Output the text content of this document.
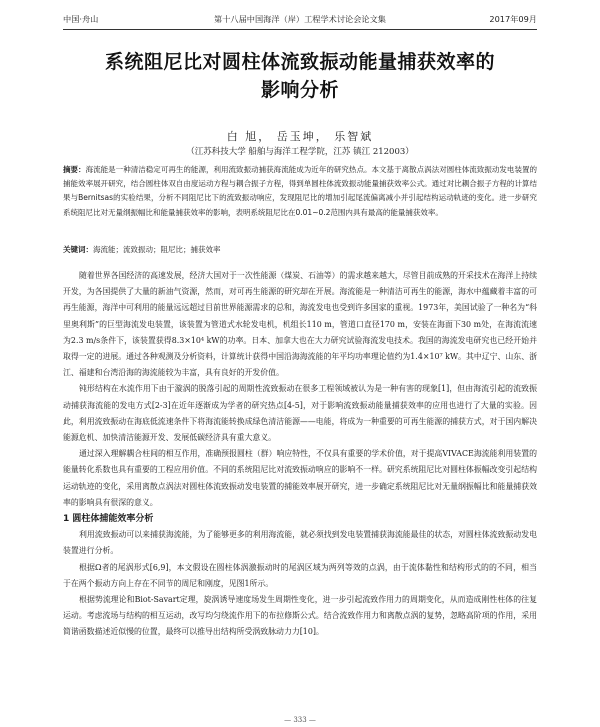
中国·舟山	第十八届中国海洋（岸）工程学术讨论会论文集	2017年09月
系统阻尼比对圆柱体流致振动能量捕获效率的
影响分析
白 旭， 岳玉坤， 乐智斌
（江苏科技大学 船舶与海洋工程学院，江苏 镇江 212003）
摘要：海流能是一种清洁稳定可再生的能源，利用流致振动捕获海流能成为近年的研究热点。本文基于离散点涡法对圆柱体流致振动发电装置的捕能效率展开研究，结合圆柱体双自由度运动方程与耦合振子方程，得到单圆柱体流致振动能量捕获效率公式。通过对比耦合振子方程的计算结果与Bernitsas的实验结果，分析不同阻尼比下的流致振动响应，发现阻尼比的增加引起尾流偏离减小并引起结构运动轨迹的变化。进一步研究系统阻尼比对无量纲振幅比和能量捕获效率的影响，表明系统阻尼比在0.01~0.2范围内具有最高的能量捕获效率。
关键词：海流能；流致振动；阻尼比；捕获效率

随着世界各国经济的高速发展，经济大国对于一次性能源（煤炭、石油等）的需求越来越大，尽管目前成熟的开采技术在海洋上持续开发，为各国提供了大量的新油气资源，然而，对可再生能源的研究却在开展。海流能是一种清洁可再生的能源，海水中蕴藏着丰富的可再生能源，海洋中可利用的能量远远超过目前世界能源需求的总和，海流发电也受到许多国家的重视。1973年，美国试验了一种名为“科里奥利斯”的巨型海流发电装置，该装置为管道式水轮发电机，机组长110 m，管道口直径170 m，安装在海面下30 m处，在海流流速为2.3 m/s条件下，该装置获得8.3×10⁴ kW的功率。日本、加拿大也在大力研究试验海流发电技术。我国的海流发电研究也已经开始并取得一定的进展。通过各种观测及分析资料，计算统计获得中国沿海海流能的年平均功率理论值约为1.4×10⁷ kW。其中辽宁、山东、浙江、福建和台湾沿海的海流能较为丰富，具有良好的开发价值。

钝形结构在水流作用下由于漩涡的脱落引起的周期性流致振动在很多工程领域被认为是一种有害的现象[1]，但由海流引起的流致振动捕获海流能的发电方式[2-3]在近年逐渐成为学者的研究热点[4-5]，对于影响流致振动能量捕获效率的应用也进行了大量的实验。因此，利用流致振动在海底低流速条件下将海流能转换成绿色清洁能源——电能，将成为一种重要的可再生能源的捕获方式，对于国内解决能源危机、加快清洁能源开发、发展低碳经济具有重大意义。

通过深入理解耦合柱间的相互作用，准确预报圆柱（群）响应特性，不仅具有重要的学术价值，对于提高VIVACE海流能利用装置的能量转化系数也具有重要的工程应用价值。不同的系统阻尼比对流致振动响应的影响不一样。研究系统阻尼比对圆柱体振幅改变引起结构运动轨迹的变化，采用离散点涡法对圆柱体流致振动发电装置的捕能效率展开研究，进一步确定系统阻尼比对无量纲振幅比和能量捕获效率的影响具有很深的意义。

1 圆柱体捕能效率分析

利用流致振动可以来捕获海流能，为了能够更多的利用海流能，就必须找到发电装置捕获海流能最佳的状态，对圆柱体流致振动发电装置进行分析。

根据Ω者的尾涡形式[6,9]，本文假设在圆柱体涡激振动时的尾涡区域为两列等效的点涡，由于流体黏性和结构形式的的不同，相当于在两个振动方向上存在不同节的周尼和刚度，见图1所示。

根据势流理论和Biot-Savart定理，旋涡诱导速度场发生周期性变化，进一步引起流致作用力的周期变化，从而造成刚性柱体的往复运动。考虑流场与结构的相互运动，改写均匀绕流作用下的布拉修斯公式。结合流致作用力和离散点涡的复势，忽略高阶项的作用，采用简谐函数描述近似慢的位置，最终可以推导出结构所受涡致脉动力力[10]。

— 333 —
